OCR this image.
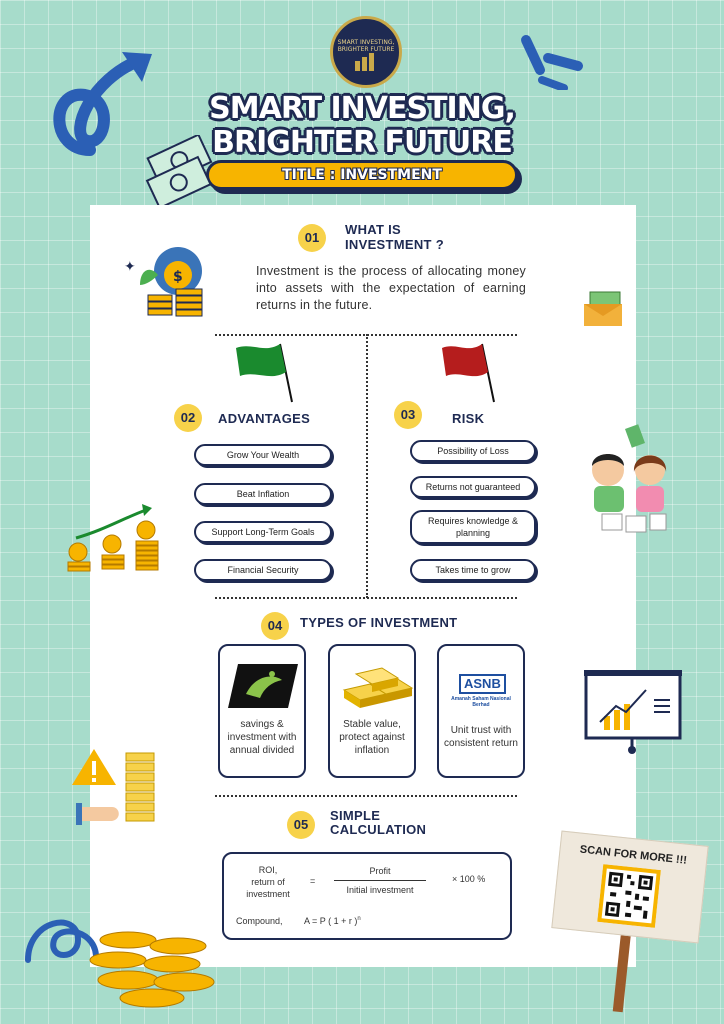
SMART INVESTING, BRIGHTER FUTURE
SMART INVESTING,
BRIGHTER FUTURE
TITLE : INVESTMENT
01
WHAT IS
INVESTMENT ?
Investment is the process of allocating money into assets with the expectation of earning returns in the future.
$
✦
02	ADVANTAGES
Grow Your Wealth
Beat Inflation
Support Long-Term Goals
Financial Security
03	RISK
Possibility of Loss
Returns not guaranteed
Requires knowledge & planning
Takes time to grow
04	TYPES OF INVESTMENT
savings & investment with annual divided
Stable value, protect against inflation
ASNB
Amanah Saham Nasional Berhad
Unit trust with consistent return
05
SIMPLE
CALCULATION
ROI,
return of
investment
=
Profit
Initial investment
× 100 %
Compound, A = P ( 1 + r )$^n$
SCAN FOR MORE !!!
